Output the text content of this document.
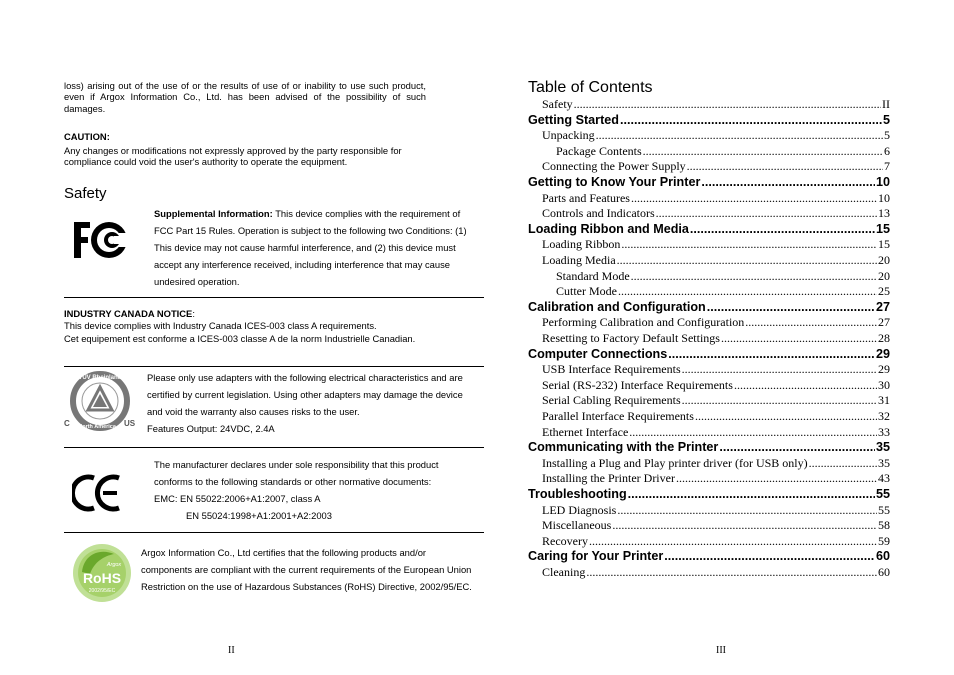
loss) arising out of the use of or the results of use of or inability to use such product, even if Argox Information Co., Ltd. has been advised of the possibility of such damages.
CAUTION:
Any changes or modifications not expressly approved by the party responsible for compliance could void the user's authority to operate the equipment.
Safety
Supplemental Information: This device complies with the requirement of FCC Part 15 Rules. Operation is subject to the following two Conditions: (1) This device may not cause harmful interference, and (2) this device must accept any interference received, including interference that may cause undesired operation.
INDUSTRY CANADA NOTICE:
This device complies with Industry Canada ICES-003 class A requirements.
Cet equipement est conforme a ICES-003 classe A de la norm Industrielle Canadian.
TÜV Rheinland
of North America, Inc.
C	US
Please only use adapters with the following electrical characteristics and are certified by current legislation. Using other adapters may damage the device and void the warranty also causes risks to the user.
Features Output: 24VDC, 2.4A
The manufacturer declares under sole responsibility that this product
conforms to the following standards or other normative documents:
EMC: EN 55022:2006+A1:2007, class A
EN 55024:1998+A1:2001+A2:2003
Argox
RoHS
2002/95/EC
Argox Information Co., Ltd certifies that the following products and/or components are compliant with the current requirements of the European Union Restriction on the use of Hazardous Substances (RoHS) Directive, 2002/95/EC.
II
Table of Contents
Safety .....	II
Getting Started .....	5
Unpacking .....	5
Package Contents .....	6
Connecting the Power Supply .....	7
Getting to Know Your Printer .....	10
Parts and Features .....	10
Controls and Indicators .....	13
Loading Ribbon and Media .....	15
Loading Ribbon .....	15
Loading Media .....	20
Standard Mode .....	20
Cutter Mode .....	25
Calibration and Configuration .....	27
Performing Calibration and Configuration .....	27
Resetting to Factory Default Settings .....	28
Computer Connections .....	29
USB Interface Requirements .....	29
Serial (RS-232) Interface Requirements .....	30
Serial Cabling Requirements .....	31
Parallel Interface Requirements .....	32
Ethernet Interface .....	33
Communicating with the Printer .....	35
Installing a Plug and Play printer driver (for USB only) .....	35
Installing the Printer Driver .....	43
Troubleshooting .....	55
LED Diagnosis .....	55
Miscellaneous .....	58
Recovery .....	59
Caring for Your Printer .....	60
Cleaning .....	60
III
